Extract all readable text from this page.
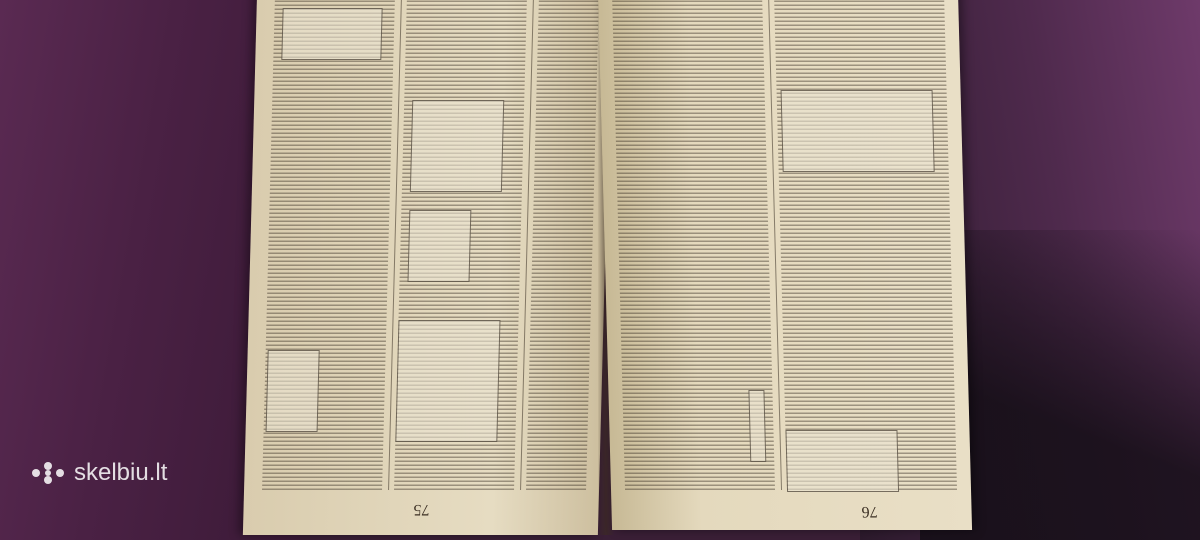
75	76
skelbiu.lt
